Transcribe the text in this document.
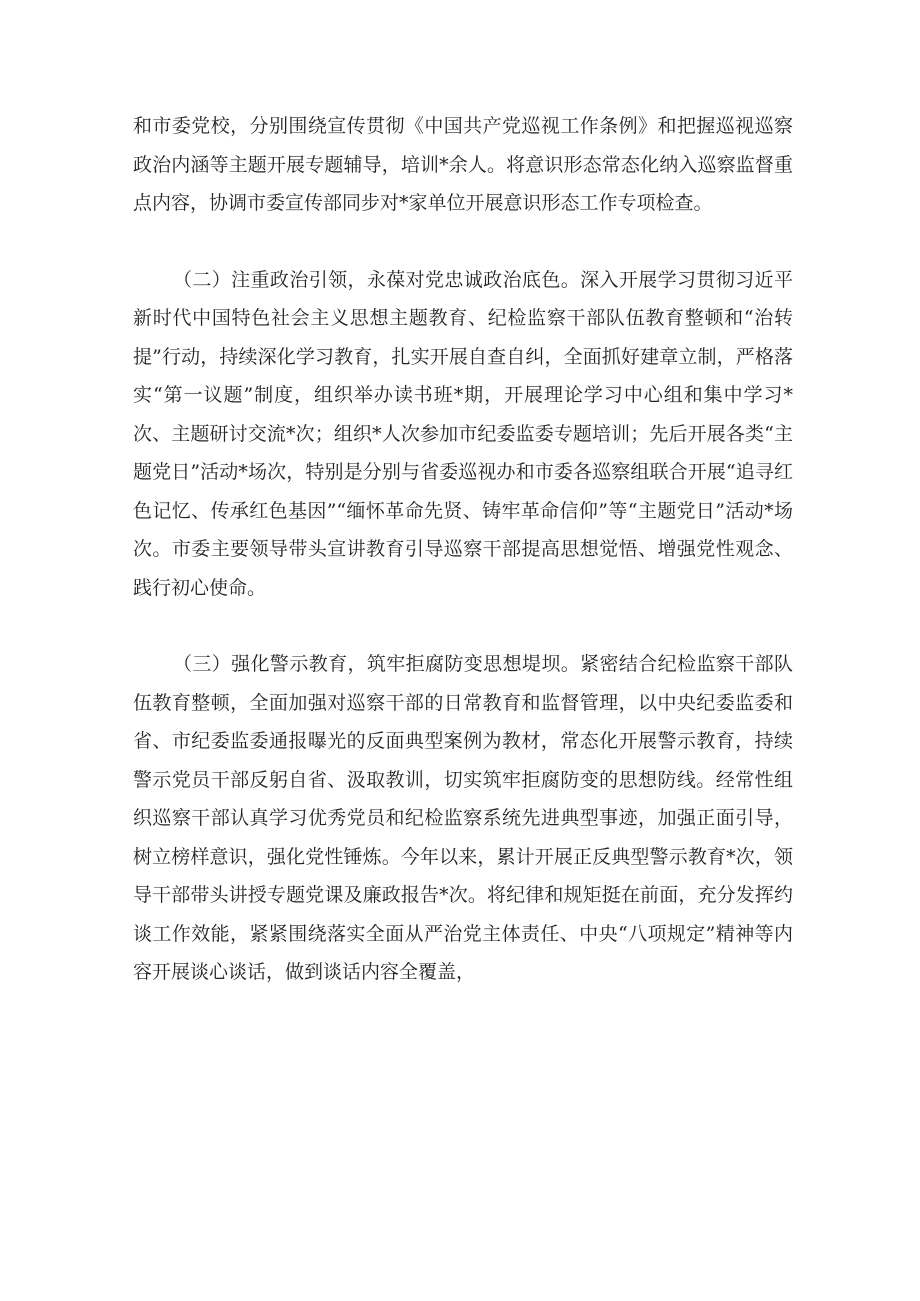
和市委党校，分别围绕宣传贯彻《中国共产党巡视工作条例》和把握巡视巡察政治内涵等主题开展专题辅导，培训*余人。将意识形态常态化纳入巡察监督重点内容，协调市委宣传部同步对*家单位开展意识形态工作专项检查。

（二）注重政治引领，永葆对党忠诚政治底色。深入开展学习贯彻习近平新时代中国特色社会主义思想主题教育、纪检监察干部队伍教育整顿和“治转提”行动，持续深化学习教育，扎实开展自查自纠，全面抓好建章立制，严格落实“第一议题”制度，组织举办读书班*期，开展理论学习中心组和集中学习*次、主题研讨交流*次；组织*人次参加市纪委监委专题培训；先后开展各类“主题党日”活动*场次，特别是分别与省委巡视办和市委各巡察组联合开展“追寻红色记忆、传承红色基因”“缅怀革命先贤、铸牢革命信仰”等“主题党日”活动*场次。市委主要领导带头宣讲教育引导巡察干部提高思想觉悟、增强党性观念、践行初心使命。

（三）强化警示教育，筑牢拒腐防变思想堤坝。紧密结合纪检监察干部队伍教育整顿，全面加强对巡察干部的日常教育和监督管理，以中央纪委监委和省、市纪委监委通报曝光的反面典型案例为教材，常态化开展警示教育，持续警示党员干部反躬自省、汲取教训，切实筑牢拒腐防变的思想防线。经常性组织巡察干部认真学习优秀党员和纪检监察系统先进典型事迹，加强正面引导，树立榜样意识，强化党性锤炼。今年以来，累计开展正反典型警示教育*次，领导干部带头讲授专题党课及廉政报告*次。将纪律和规矩挺在前面，充分发挥约谈工作效能，紧紧围绕落实全面从严治党主体责任、中央“八项规定”精神等内容开展谈心谈话，做到谈话内容全覆盖，
